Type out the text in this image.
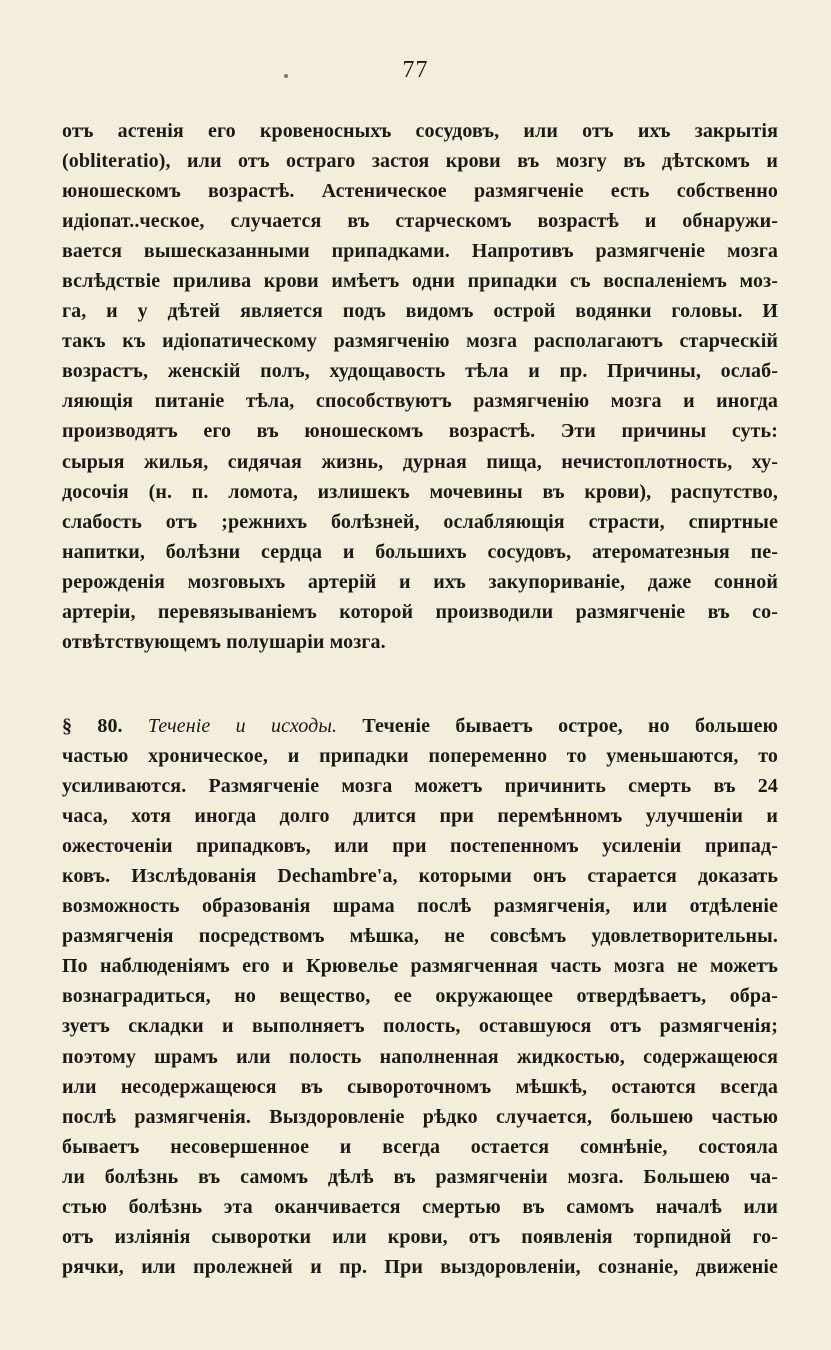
77
отъ астенiя его кровеносныхъ сосудовъ, или отъ ихъ закрытiя
(obliteratio), или отъ остраго застоя крови въ мозгу въ дѣтскомъ и
юношескомъ возрастѣ. Астеническое размягченiе есть собственно
идiопат..ческое, случается въ старческомъ возрастѣ и обнаружи-
вается вышесказанными припадками. Напротивъ размягченiе мозга
вслѣдствiе прилива крови имѣетъ одни припадки съ воспаленiемъ моз-
га, и у дѣтей является подъ видомъ острой водянки головы. И
такъ къ идiопатическому размягченiю мозга располагаютъ старческiй
возрастъ, женскiй полъ, худощавость тѣла и пр. Причины, ослаб-
ляющiя питанiе тѣла, способствуютъ размягченiю мозга и иногда
производятъ его въ юношескомъ возрастѣ. Эти причины суть:
сырыя жилья, сидячая жизнь, дурная пища, нечистоплотность, ху-
досочiя (н. п. ломота, излишекъ мочевины въ крови), распутство,
слабость отъ ;режнихъ болѣзней, ослабляющiя страсти, спиртные
напитки, болѣзни сердца и большихъ сосудовъ, атероматезныя пе-
рерожденiя мозговыхъ артерiй и ихъ закупориванiе, даже сонной
артерiи, перевязыванiемъ которой производили размягченiе въ со-
отвѣтствующемъ полушарiи мозга.
§ 80. Теченiе и исходы. Теченiе бываетъ острое, но большею
частью хроническое, и припадки попеременно то уменьшаются, то
усиливаются. Размягченiе мозга можетъ причинить смерть въ 24
часа, хотя иногда долго длится при перемѣнномъ улучшенiи и
ожесточенiи припадковъ, или при постепенномъ усиленiи припад-
ковъ. Изслѣдованiя Dechambre'а, которыми онъ старается доказать
возможность образованiя шрама послѣ размягченiя, или отдѣленiе
размягченiя посредствомъ мѣшка, не совсѣмъ удовлетворительны.
По наблюденiямъ его и Крювелье размягченная часть мозга не можетъ
вознаградиться, но вещество, ее окружающее отвердѣваетъ, обра-
зуетъ складки и выполняетъ полость, оставшуюся отъ размягченiя;
поэтому шрамъ или полость наполненная жидкостью, содержащеюся
или несодержащеюся въ сывороточномъ мѣшкѣ, остаются всегда
послѣ размягченiя. Выздоровленiе рѣдко случается, большею частью
бываетъ несовершенное и всегда остается сомнѣнiе, состояла
ли болѣзнь въ самомъ дѣлѣ въ размягченiи мозга. Большею ча-
стью болѣзнь эта оканчивается смертью въ самомъ началѣ или
отъ излiянiя сыворотки или крови, отъ появленiя торпидной го-
рячки, или пролежней и пр. При выздоровленiи, сознанiе, движенiе
